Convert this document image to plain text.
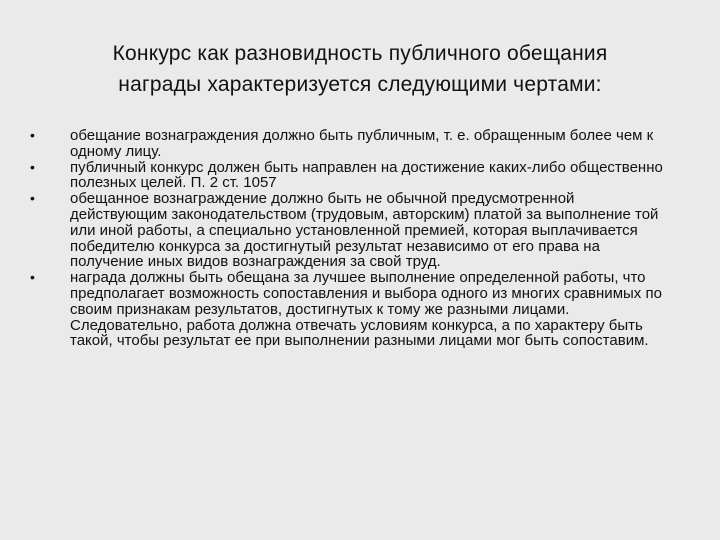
Конкурс как разновидность публичного обещания
награды характеризуется следующими чертами:
•	обещание вознаграждения должно быть публичным, т. е. обращенным более чем к одному лицу.
•	публичный конкурс должен быть направлен на достижение каких-либо общественно полезных целей. П. 2 ст. 1057
•	обещанное вознаграждение должно быть не обычной предусмотренной действующим законодательством (трудовым, авторским) платой за выполнение той или иной работы, а специально установленной премией, которая выплачивается победителю конкурса за достигнутый результат независимо от его права на получение иных видов вознаграждения за свой труд.
•	награда должны быть обещана за лучшее выполнение определенной работы, что предполагает возможность сопоставления и выбора одного из многих сравнимых по своим признакам результатов, достигнутых к тому же разными лицами. Следовательно, работа должна отвечать условиям конкурса, а по характеру быть такой, чтобы результат ее при выполнении разными лицами мог быть сопоставим.
